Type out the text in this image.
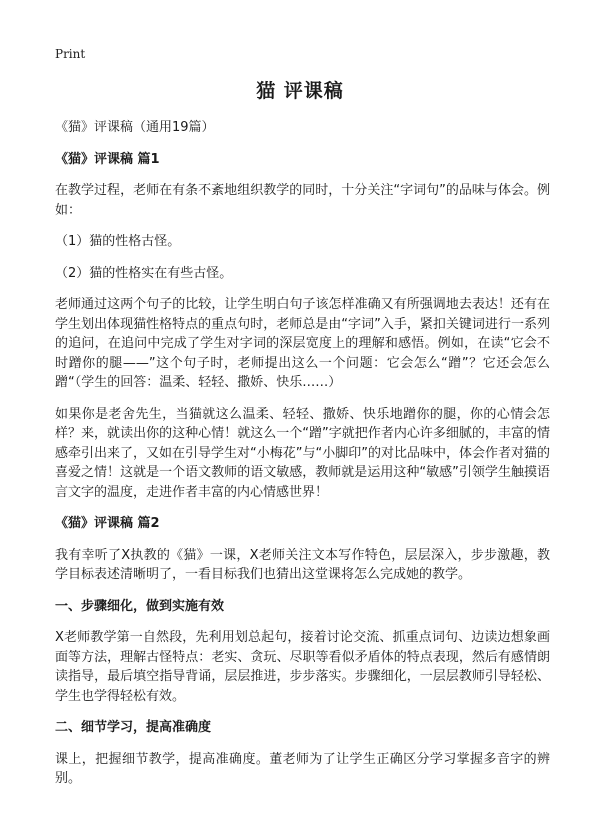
Print
猫 评课稿

《猫》评课稿（通用19篇）

《猫》评课稿 篇1

在教学过程，老师在有条不紊地组织教学的同时，十分关注“字词句”的品味与体会。例如：

（1）猫的性格古怪。

（2）猫的性格实在有些古怪。

老师通过这两个句子的比较，让学生明白句子该怎样准确又有所强调地去表达！还有在学生划出体现猫性格特点的重点句时，老师总是由“字词”入手，紧扣关键词进行一系列的追问，在追问中完成了学生对字词的深层宽度上的理解和感悟。例如，在读“它会不时蹭你的腿——”这个句子时，老师提出这么一个问题：它会怎么“蹭”？它还会怎么蹭“（学生的回答：温柔、轻轻、撒娇、快乐……）

如果你是老舍先生，当猫就这么温柔、轻轻、撒娇、快乐地蹭你的腿，你的心情会怎样？来，就读出你的这种心情！就这么一个“蹭”字就把作者内心许多细腻的，丰富的情感牵引出来了，又如在引导学生对“小梅花”与“小脚印”的对比品味中，体会作者对猫的喜爱之情！这就是一个语文教师的语文敏感，教师就是运用这种“敏感”引领学生触摸语言文字的温度，走进作者丰富的内心情感世界！

《猫》评课稿 篇2

我有幸听了X执教的《猫》一课，X老师关注文本写作特色，层层深入，步步激趣，教学目标表述清晰明了，一看目标我们也猜出这堂课将怎么完成她的教学。

一、步骤细化，做到实施有效

X老师教学第一自然段，先利用划总起句，接着讨论交流、抓重点词句、边读边想象画面等方法，理解古怪特点：老实、贪玩、尽职等看似矛盾体的特点表现，然后有感情朗读指导，最后填空指导背诵，层层推进，步步落实。步骤细化，一层层教师引导轻松、学生也学得轻松有效。

二、细节学习，提高准确度

课上，把握细节教学，提高准确度。董老师为了让学生正确区分学习掌握多音字的辨别。
